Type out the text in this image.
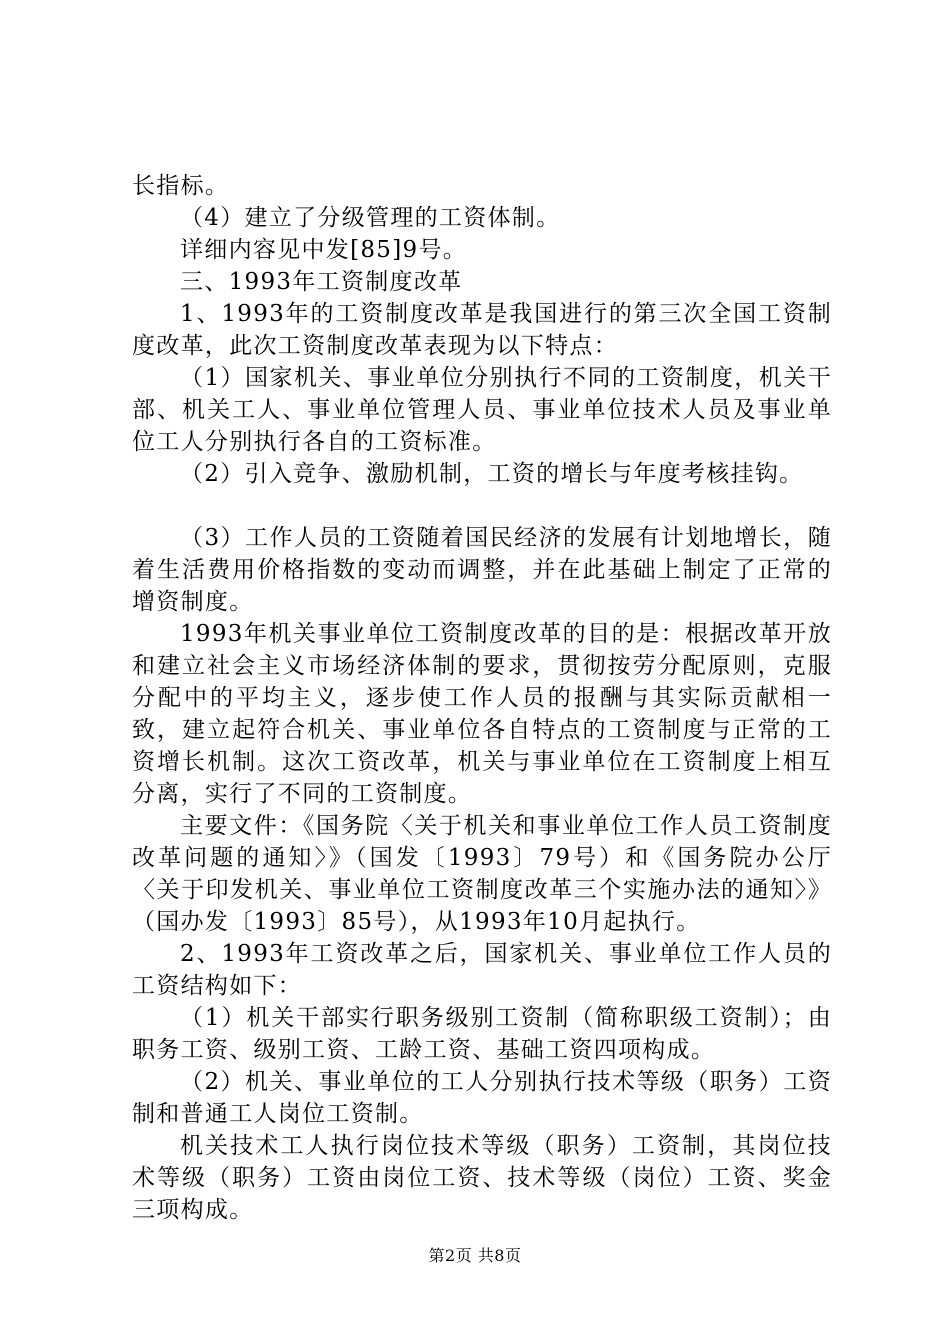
长指标。

（4）建立了分级管理的工资体制。

详细内容见中发[85]9号。

三、1993年工资制度改革

1、1993年的工资制度改革是我国进行的第三次全国工资制度改革，此次工资制度改革表现为以下特点：

（1）国家机关、事业单位分别执行不同的工资制度，机关干部、机关工人、事业单位管理人员、事业单位技术人员及事业单位工人分别执行各自的工资标准。

（2）引入竞争、激励机制，工资的增长与年度考核挂钩。

（3）工作人员的工资随着国民经济的发展有计划地增长，随着生活费用价格指数的变动而调整，并在此基础上制定了正常的增资制度。

1993年机关事业单位工资制度改革的目的是：根据改革开放和建立社会主义市场经济体制的要求，贯彻按劳分配原则，克服分配中的平均主义，逐步使工作人员的报酬与其实际贡献相一致，建立起符合机关、事业单位各自特点的工资制度与正常的工资增长机制。这次工资改革，机关与事业单位在工资制度上相互分离，实行了不同的工资制度。

主要文件：《国务院〈关于机关和事业单位工作人员工资制度改革问题的通知〉》（国发〔1993〕79号）和《国务院办公厅〈关于印发机关、事业单位工资制度改革三个实施办法的通知〉》（国办发〔1993〕85号），从1993年10月起执行。

2、1993年工资改革之后，国家机关、事业单位工作人员的工资结构如下：

（1）机关干部实行职务级别工资制（简称职级工资制）；由职务工资、级别工资、工龄工资、基础工资四项构成。

（2）机关、事业单位的工人分别执行技术等级（职务）工资制和普通工人岗位工资制。

机关技术工人执行岗位技术等级（职务）工资制，其岗位技术等级（职务）工资由岗位工资、技术等级（岗位）工资、奖金三项构成。

第2页 共8页
